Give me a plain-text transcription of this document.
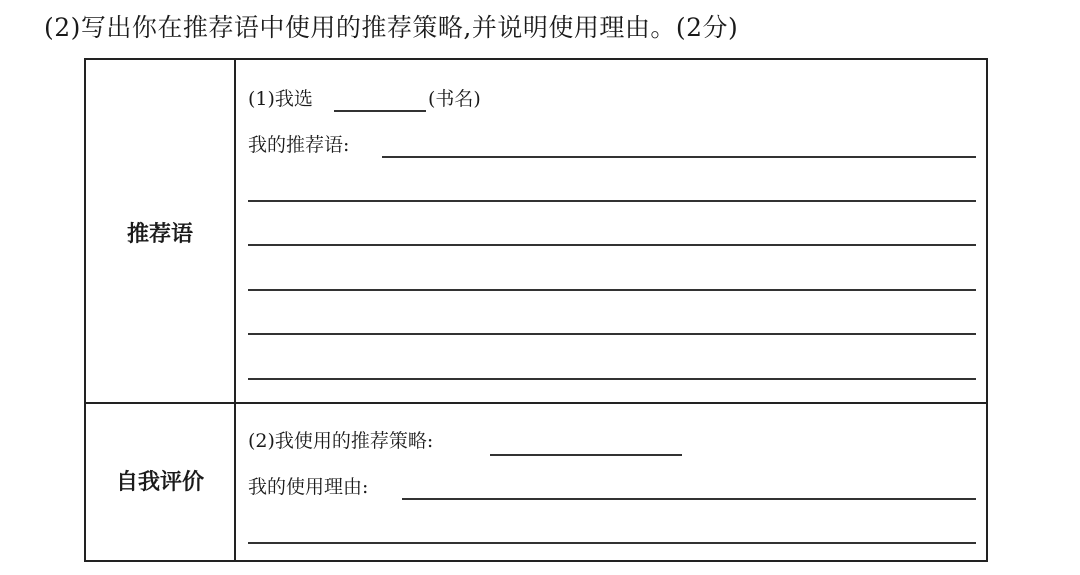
(2)写出你在推荐语中使用的推荐策略,并说明使用理由。(2分)
推荐语
(1)我选	(书名)
我的推荐语:
自我评价
(2)我使用的推荐策略:
我的使用理由:
